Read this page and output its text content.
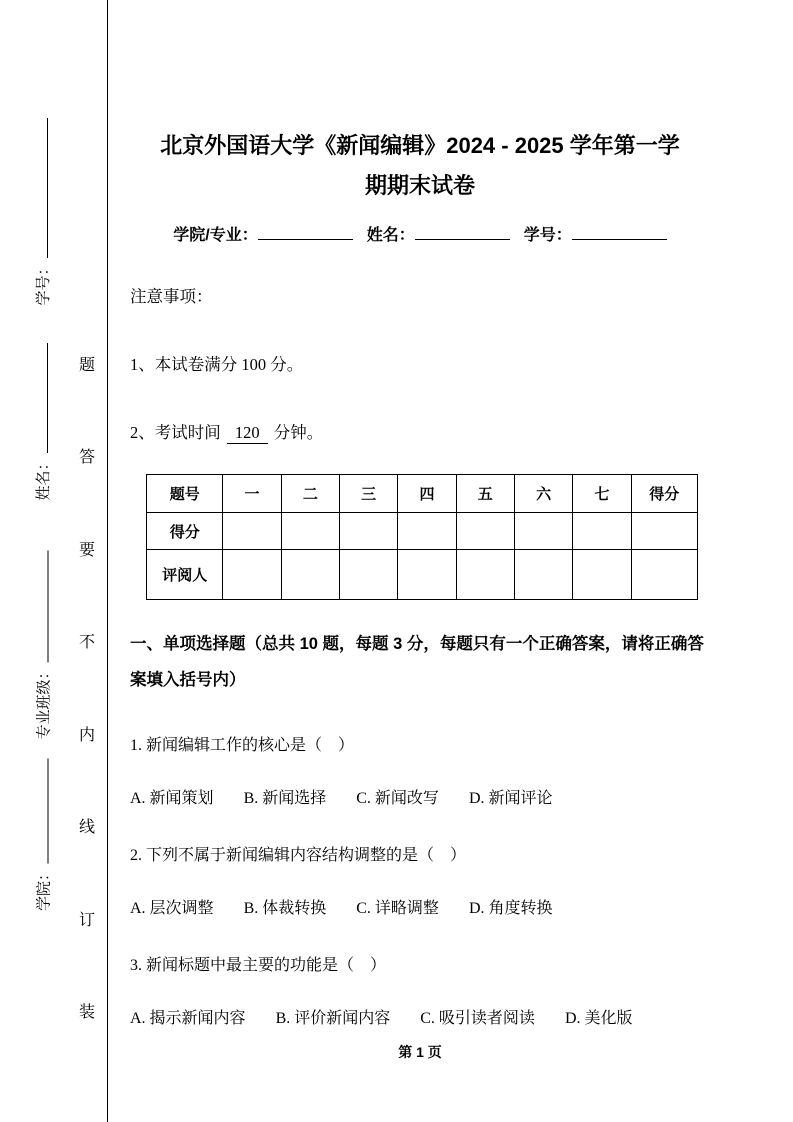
学号：
姓名：
专业班级：
学院：
题
答
要
不
内
线
订
装
北京外国语大学《新闻编辑》2024 - 2025 学年第一学
期期末试卷
学院/专业：	姓名：	学号：
注意事项：
1、本试卷满分 100 分。
2、考试时间 120 分钟。
题号	一	二	三	四	五	六	七	得分
得分								
评阅人								
一、单项选择题（总共 10 题，每题 3 分，每题只有一个正确答案，请将正确答案填入括号内）
1. 新闻编辑工作的核心是（　）
A. 新闻策划 B. 新闻选择 C. 新闻改写 D. 新闻评论
2. 下列不属于新闻编辑内容结构调整的是（　）
A. 层次调整 B. 体裁转换 C. 详略调整 D. 角度转换
3. 新闻标题中最主要的功能是（　）
A. 揭示新闻内容 B. 评价新闻内容 C. 吸引读者阅读 D. 美化版
第 1 页
